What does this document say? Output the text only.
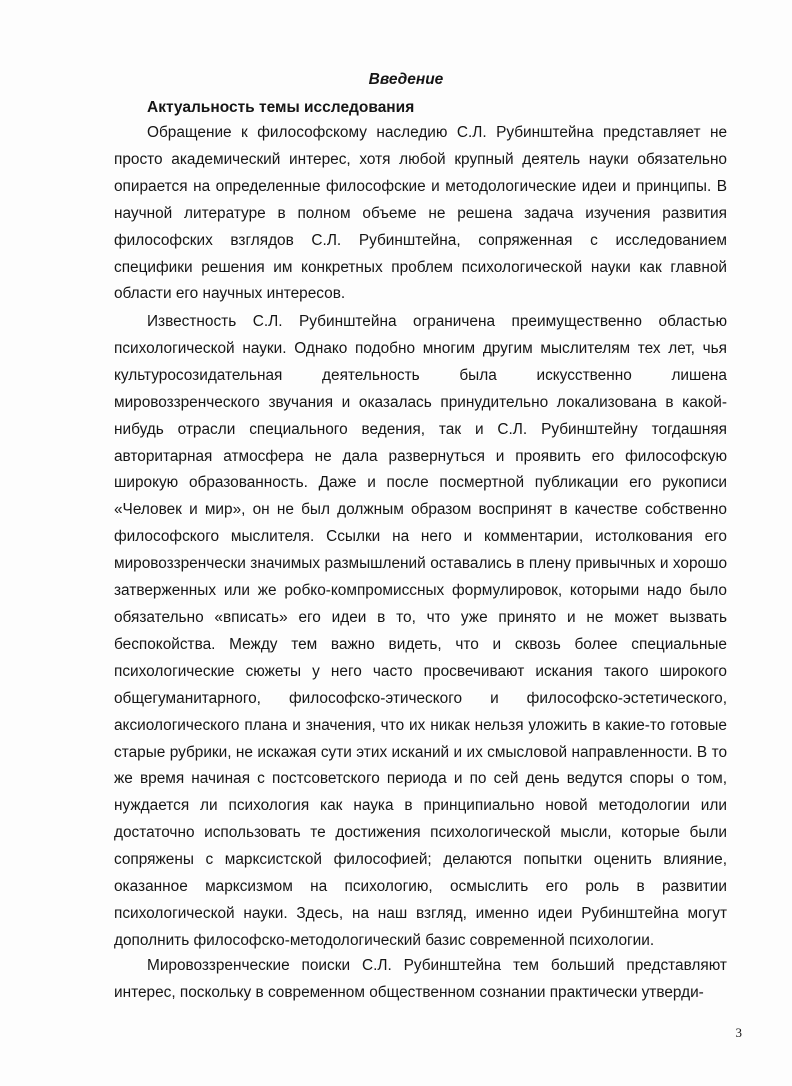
Введение
Актуальность темы исследования

Обращение к философскому наследию С.Л. Рубинштейна представляет не просто академический интерес, хотя любой крупный деятель науки обязательно опирается на определенные философские и методологические идеи и принципы. В научной литературе в полном объеме не решена задача изучения развития философских взглядов С.Л. Рубинштейна, сопряженная с исследованием специфики решения им конкретных проблем психологической науки как главной области его научных интересов.

Известность С.Л. Рубинштейна ограничена преимущественно областью психологической науки. Однако подобно многим другим мыслителям тех лет, чья культуросозидательная деятельность была искусственно лишена мировоззренческого звучания и оказалась принудительно локализована в какой-нибудь отрасли специального ведения, так и С.Л. Рубинштейну тогдашняя авторитарная атмосфера не дала развернуться и проявить его философскую широкую образованность. Даже и после посмертной публикации его рукописи «Человек и мир», он не был должным образом воспринят в качестве собственно философского мыслителя. Ссылки на него и комментарии, истолкования его мировоззренчески значимых размышлений оставались в плену привычных и хорошо затверженных или же робко-компромиссных формулировок, которыми надо было обязательно «вписать» его идеи в то, что уже принято и не может вызвать беспокойства. Между тем важно видеть, что и сквозь более специальные психологические сюжеты у него часто просвечивают искания такого широкого общегуманитарного, философско-этического и философско-эстетического, аксиологического плана и значения, что их никак нельзя уложить в какие-то готовые старые рубрики, не искажая сути этих исканий и их смысловой направленности. В то же время начиная с постсоветского периода и по сей день ведутся споры о том, нуждается ли психология как наука в принципиально новой методологии или достаточно использовать те достижения психологической мысли, которые были сопряжены с марксистской философией; делаются попытки оценить влияние, оказанное марксизмом на психологию, осмыслить его роль в развитии психологической науки. Здесь, на наш взгляд, именно идеи Рубинштейна могут дополнить философско-методологический базис современной психологии.

Мировоззренческие поиски С.Л. Рубинштейна тем больший представляют интерес, поскольку в современном общественном сознании практически утверди-

3
